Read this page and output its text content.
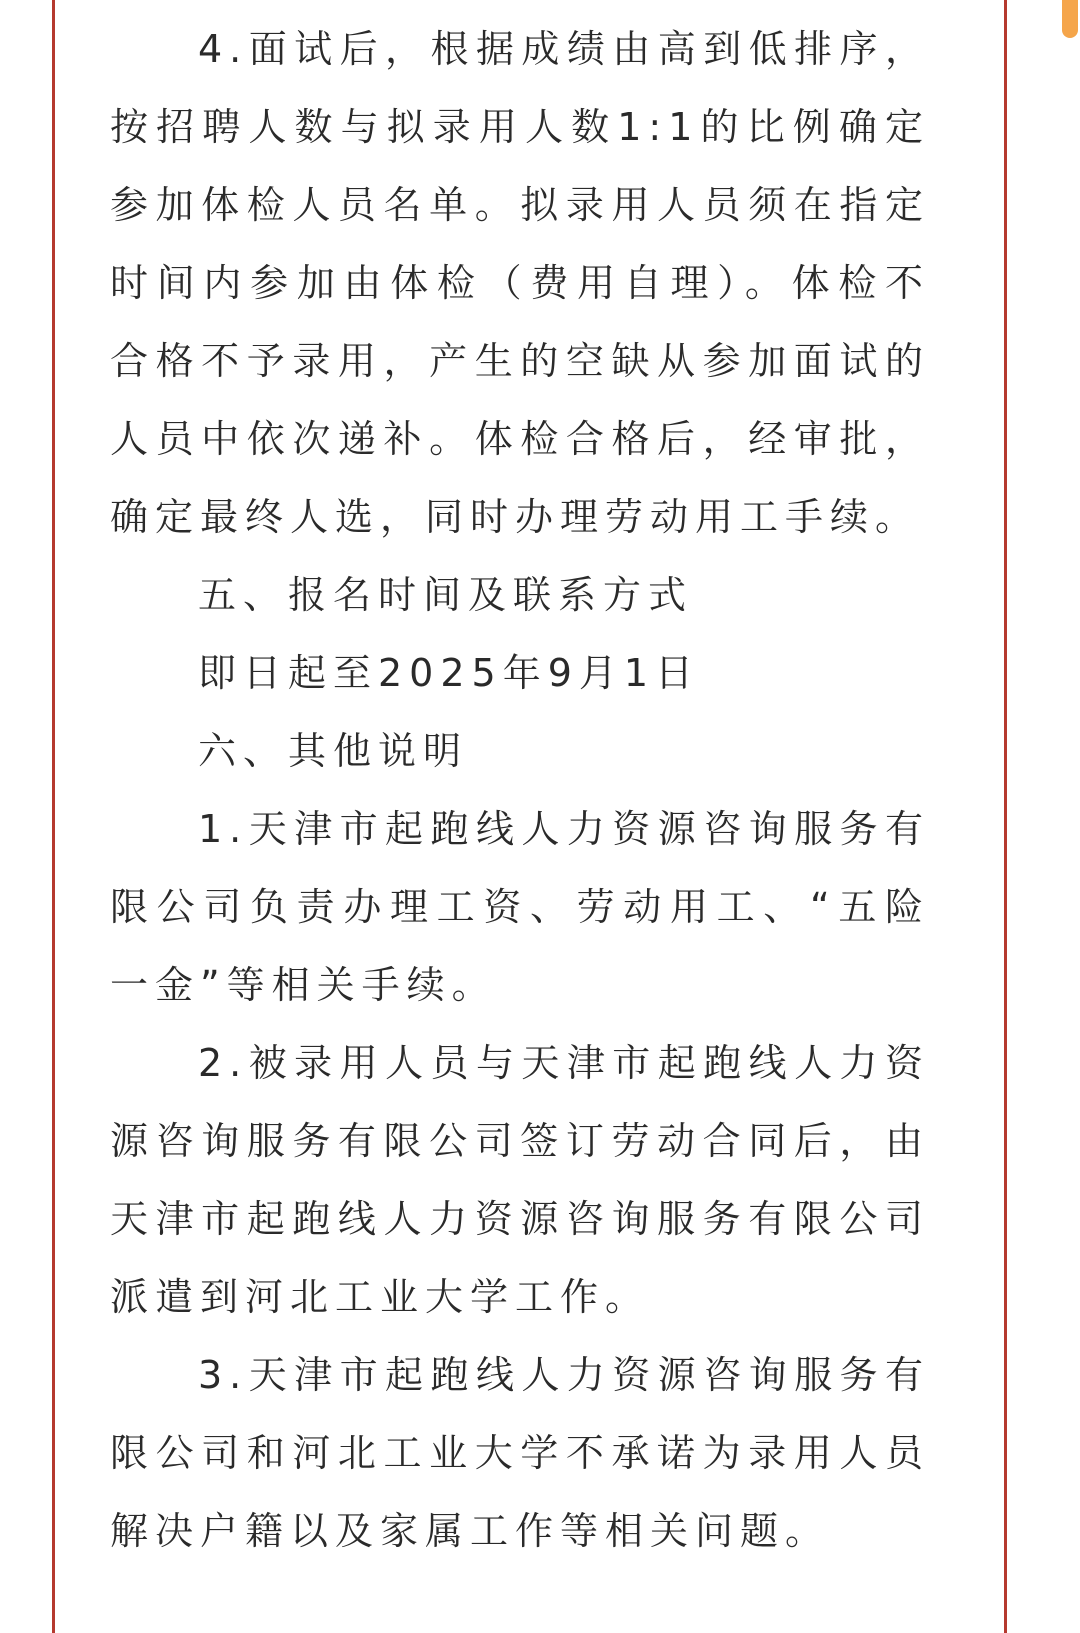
4.面试后，根据成绩由高到低排序，按招聘人数与拟录用人数1:1的比例确定参加体检人员名单。拟录用人员须在指定时间内参加由体检（费用自理）。体检不合格不予录用，产生的空缺从参加面试的人员中依次递补。体检合格后，经审批，确定最终人选，同时办理劳动用工手续。

五、报名时间及联系方式

即日起至2025年9月1日

六、其他说明

1.天津市起跑线人力资源咨询服务有限公司负责办理工资、劳动用工、“五险一金”等相关手续。

2.被录用人员与天津市起跑线人力资源咨询服务有限公司签订劳动合同后，由天津市起跑线人力资源咨询服务有限公司派遣到河北工业大学工作。

3.天津市起跑线人力资源咨询服务有限公司和河北工业大学不承诺为录用人员解决户籍以及家属工作等相关问题。
